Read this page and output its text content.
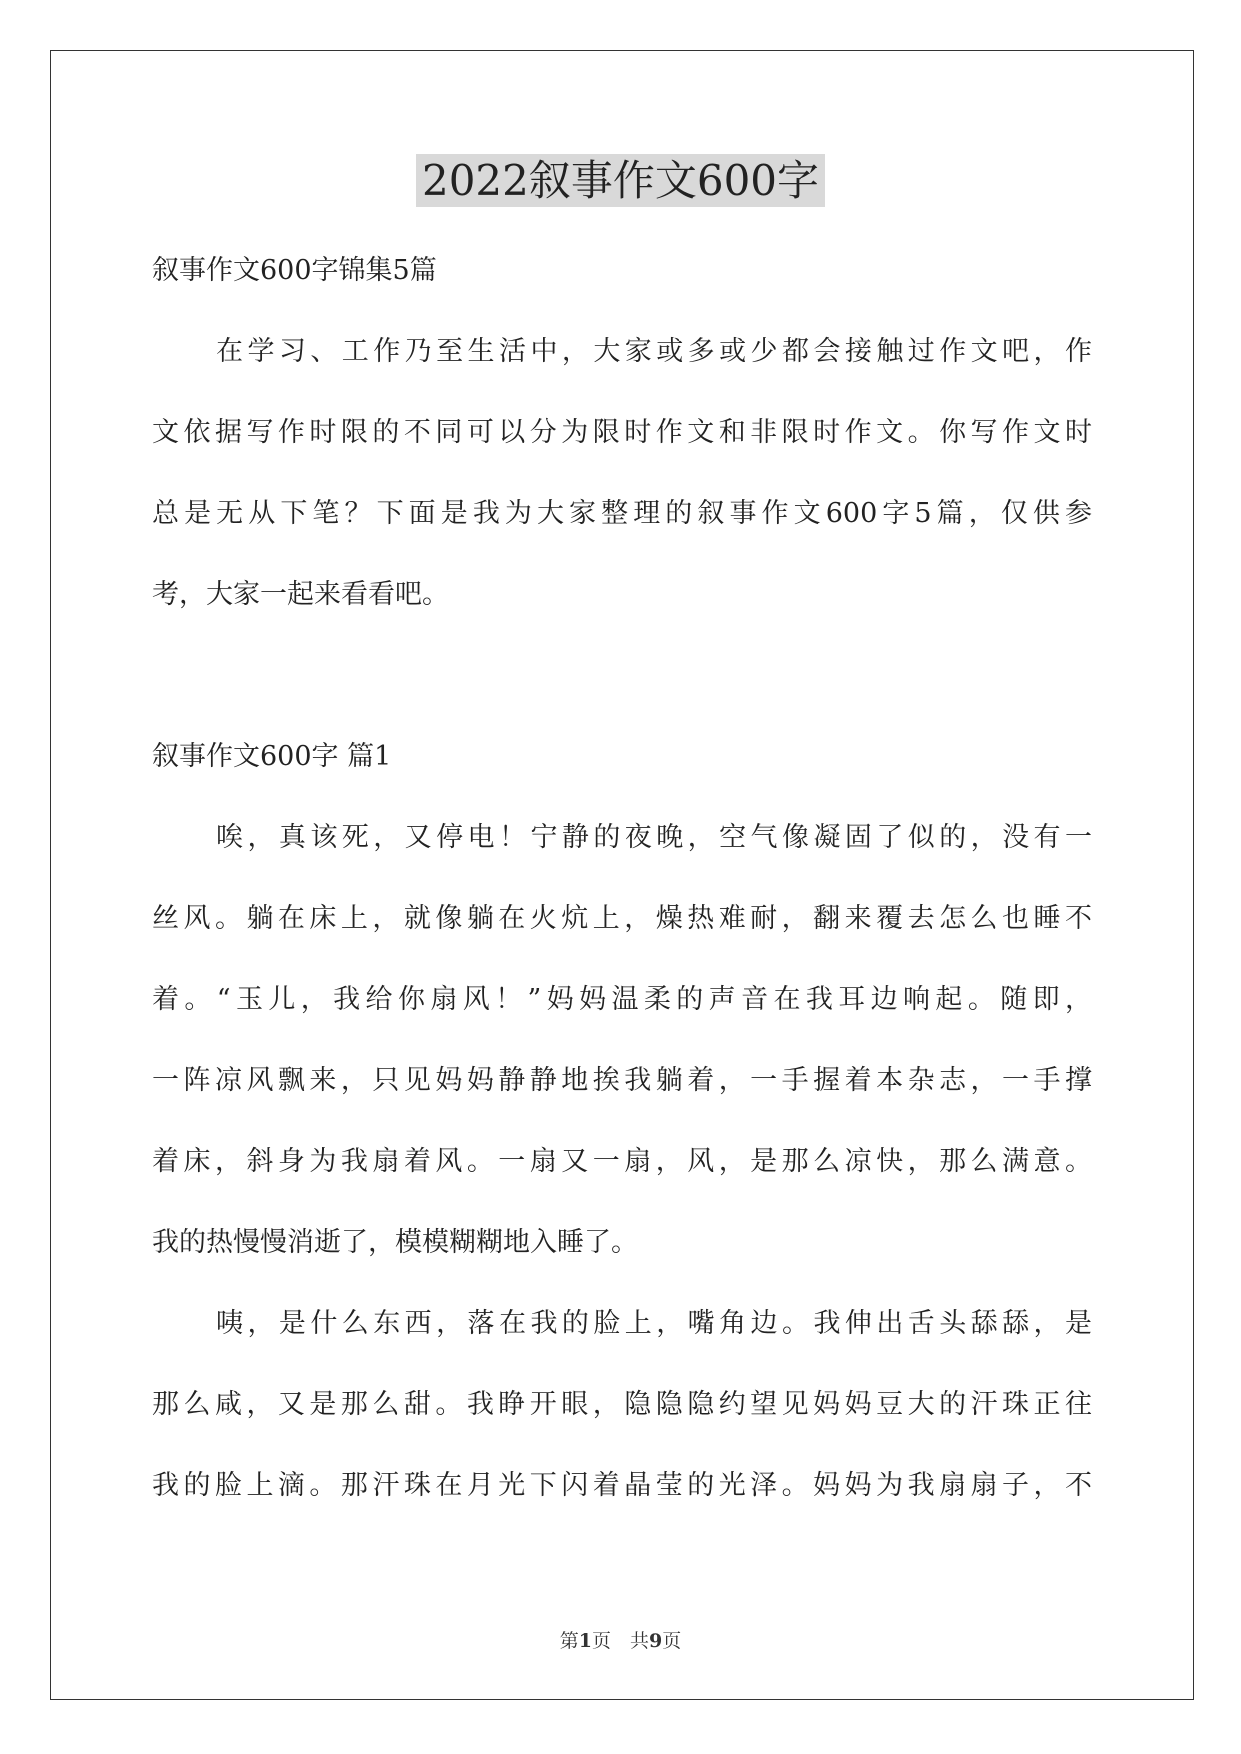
2022叙事作文600字
叙事作文600字锦集5篇
在学习、工作乃至生活中，大家或多或少都会接触过作文吧，作
文依据写作时限的不同可以分为限时作文和非限时作文。你写作文时
总是无从下笔？下面是我为大家整理的叙事作文600字5篇，仅供参
考，大家一起来看看吧。
叙事作文600字 篇1
唉，真该死，又停电！宁静的夜晚，空气像凝固了似的，没有一
丝风。躺在床上，就像躺在火炕上，燥热难耐，翻来覆去怎么也睡不
着。“玉儿，我给你扇风！”妈妈温柔的声音在我耳边响起。随即，
一阵凉风飘来，只见妈妈静静地挨我躺着，一手握着本杂志，一手撑
着床，斜身为我扇着风。一扇又一扇，风，是那么凉快，那么满意。
我的热慢慢消逝了，模模糊糊地入睡了。
咦，是什么东西，落在我的脸上，嘴角边。我伸出舌头舔舔，是
那么咸，又是那么甜。我睁开眼，隐隐隐约望见妈妈豆大的汗珠正往
我的脸上滴。那汗珠在月光下闪着晶莹的光泽。妈妈为我扇扇子，不
第1页　共9页
